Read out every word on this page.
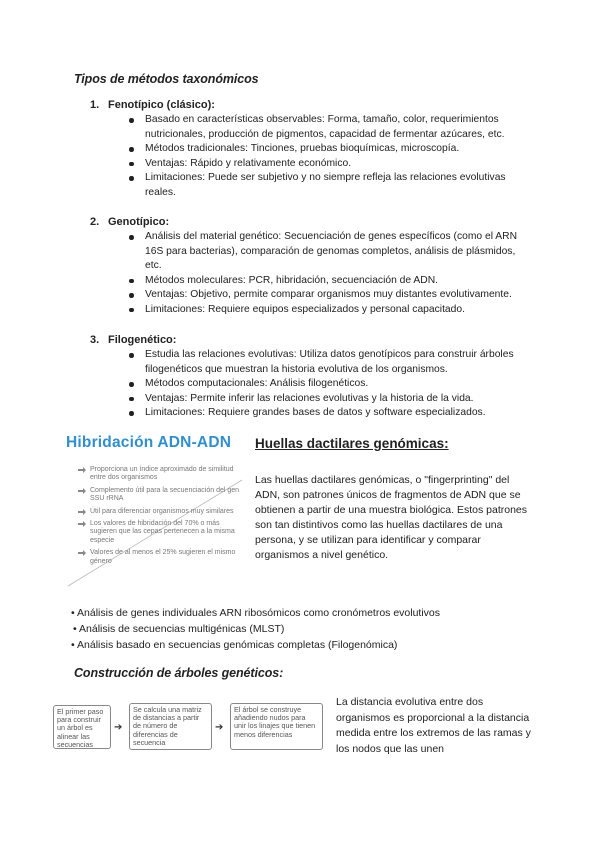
Tipos de métodos taxonómicos
1. Fenotípico (clásico):
Basado en características observables: Forma, tamaño, color, requerimientos nutricionales, producción de pigmentos, capacidad de fermentar azúcares, etc.
Métodos tradicionales: Tinciones, pruebas bioquímicas, microscopía.
Ventajas: Rápido y relativamente económico.
Limitaciones: Puede ser subjetivo y no siempre refleja las relaciones evolutivas reales.
2. Genotípico:
Análisis del material genético: Secuenciación de genes específicos (como el ARN 16S para bacterias), comparación de genomas completos, análisis de plásmidos, etc.
Métodos moleculares: PCR, hibridación, secuenciación de ADN.
Ventajas: Objetivo, permite comparar organismos muy distantes evolutivamente.
Limitaciones: Requiere equipos especializados y personal capacitado.
3. Filogenético:
Estudia las relaciones evolutivas: Utiliza datos genotípicos para construir árboles filogenéticos que muestran la historia evolutiva de los organismos.
Métodos computacionales: Análisis filogenéticos.
Ventajas: Permite inferir las relaciones evolutivas y la historia de la vida.
Limitaciones: Requiere grandes bases de datos y software especializados.
Hibridación ADN-ADN
Proporciona un índice aproximado de similitud entre dos organismos
Complemento útil para la secuenciación del gen SSU rRNA
Útil para diferenciar organismos muy similares
Los valores de hibridación del 70% o más sugieren que las cepas pertenecen a la misma especie
Valores de al menos el 25% sugieren el mismo género
Huellas dactilares genómicas:
Las huellas dactilares genómicas, o "fingerprinting" del ADN, son patrones únicos de fragmentos de ADN que se obtienen a partir de una muestra biológica. Estos patrones son tan distintivos como las huellas dactilares de una persona, y se utilizan para identificar y comparar organismos a nivel genético.
• Análisis de genes individuales ARN ribosómicos como cronómetros evolutivos
• Análisis de secuencias multigénicas (MLST)
• Análisis basado en secuencias genómicas completas (Filogenómica)
Construcción de árboles genéticos:
El primer paso para construir un árbol es alinear las secuencias
➔
Se calcula una matriz de distancias a partir de número de diferencias de secuencia
➔
El árbol se construye añadiendo nudos para unir los linajes que tienen menos diferencias
La distancia evolutiva entre dos organismos es proporcional a la distancia medida entre los extremos de las ramas y los nodos que las unen
